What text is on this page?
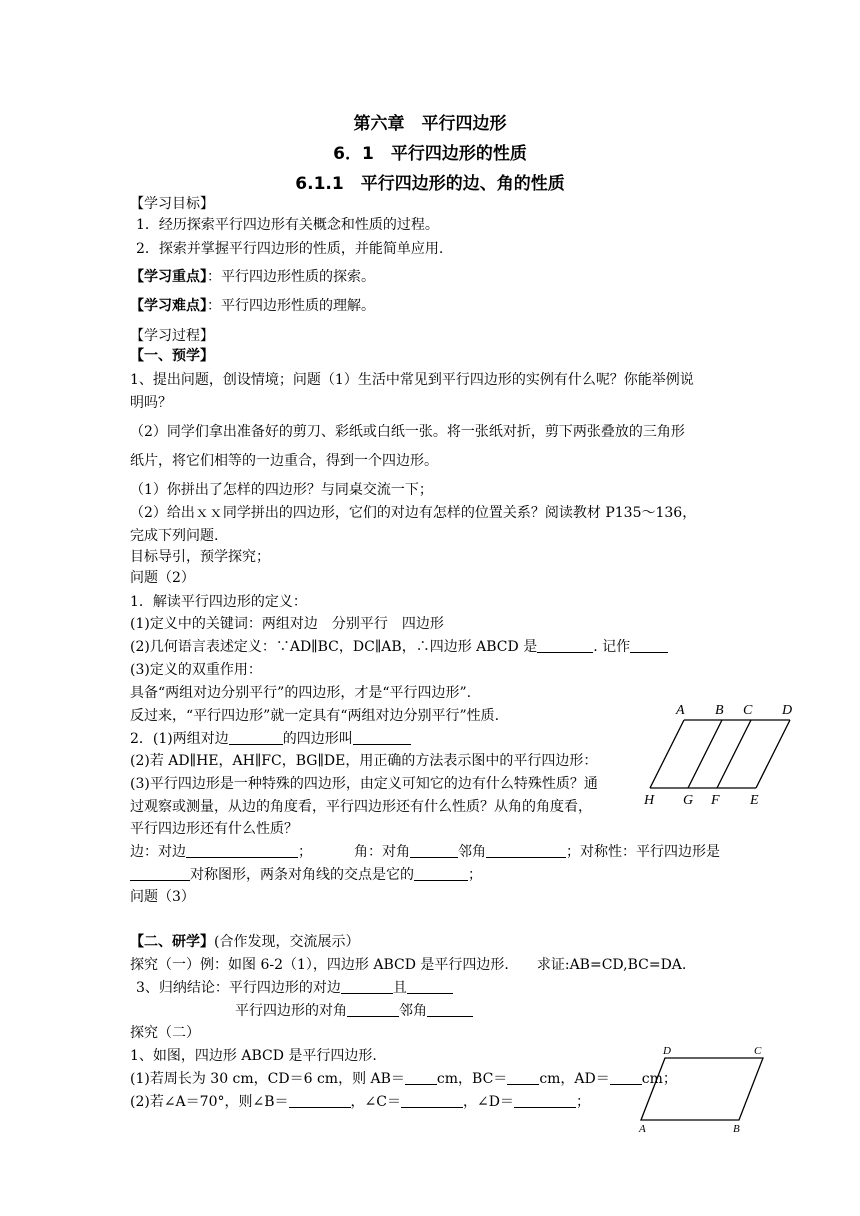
第六章　平行四边形
6．1　平行四边形的性质
6.1.1　平行四边形的边、角的性质
【学习目标】
1．经历探索平行四边形有关概念和性质的过程。
2．探索并掌握平行四边形的性质，并能简单应用.
【学习重点】：平行四边形性质的探索。
【学习难点】：平行四边形性质的理解。
【学习过程】
【一、预学】
1、提出问题，创设情境；问题（1）生活中常见到平行四边形的实例有什么呢？你能举例说
明吗？
（2）同学们拿出准备好的剪刀、彩纸或白纸一张。将一张纸对折，剪下两张叠放的三角形
纸片，将它们相等的一边重合，得到一个四边形。
（1）你拼出了怎样的四边形？与同桌交流一下；
（2）给出ｘｘ同学拼出的四边形，它们的对边有怎样的位置关系？阅读教材 P135～136，
完成下列问题.
目标导引，预学探究；
问题（2）
1．解读平行四边形的定义：
(1)定义中的关键词：两组对边　分别平行　四边形
(2)几何语言表述定义：∵AD∥BC，DC∥AB，∴四边形 ABCD 是	. 记作
(3)定义的双重作用：
具备“两组对边分别平行”的四边形，才是“平行四边形”.
反过来，“平行四边形”就一定具有“两组对边分别平行”性质.
2．(1)两组对边	的四边形叫
(2)若 AD∥HE，AH∥FC，BG∥DE，用正确的方法表示图中的平行四边形：
(3)平行四边形是一种特殊的四边形，由定义可知它的边有什么特殊性质？通
过观察或测量，从边的角度看，平行四边形还有什么性质？从角的角度看，
平行四边形还有什么性质？
边：对边	；	角：对角	邻角	；对称性：平行四边形是
对称图形，两条对角线的交点是它的	；
问题（3）
【二、研学】(合作发现，交流展示）
探究（一）例：如图 6-2（1），四边形 ABCD 是平行四边形.　　求证:AB=CD,BC=DA.
3、归纳结论：平行四边形的对边	且
平行四边形的对角	邻角
探究（二）
1、如图，四边形 ABCD 是平行四边形.
(1)若周长为 30 cm，CD＝6 cm，则 AB＝ cm，BC＝ cm，AD＝ cm；
(2)若∠A＝70°，则∠B＝	，∠C＝	，∠D＝	；
A B C D
H G F E
D	C
A	B
